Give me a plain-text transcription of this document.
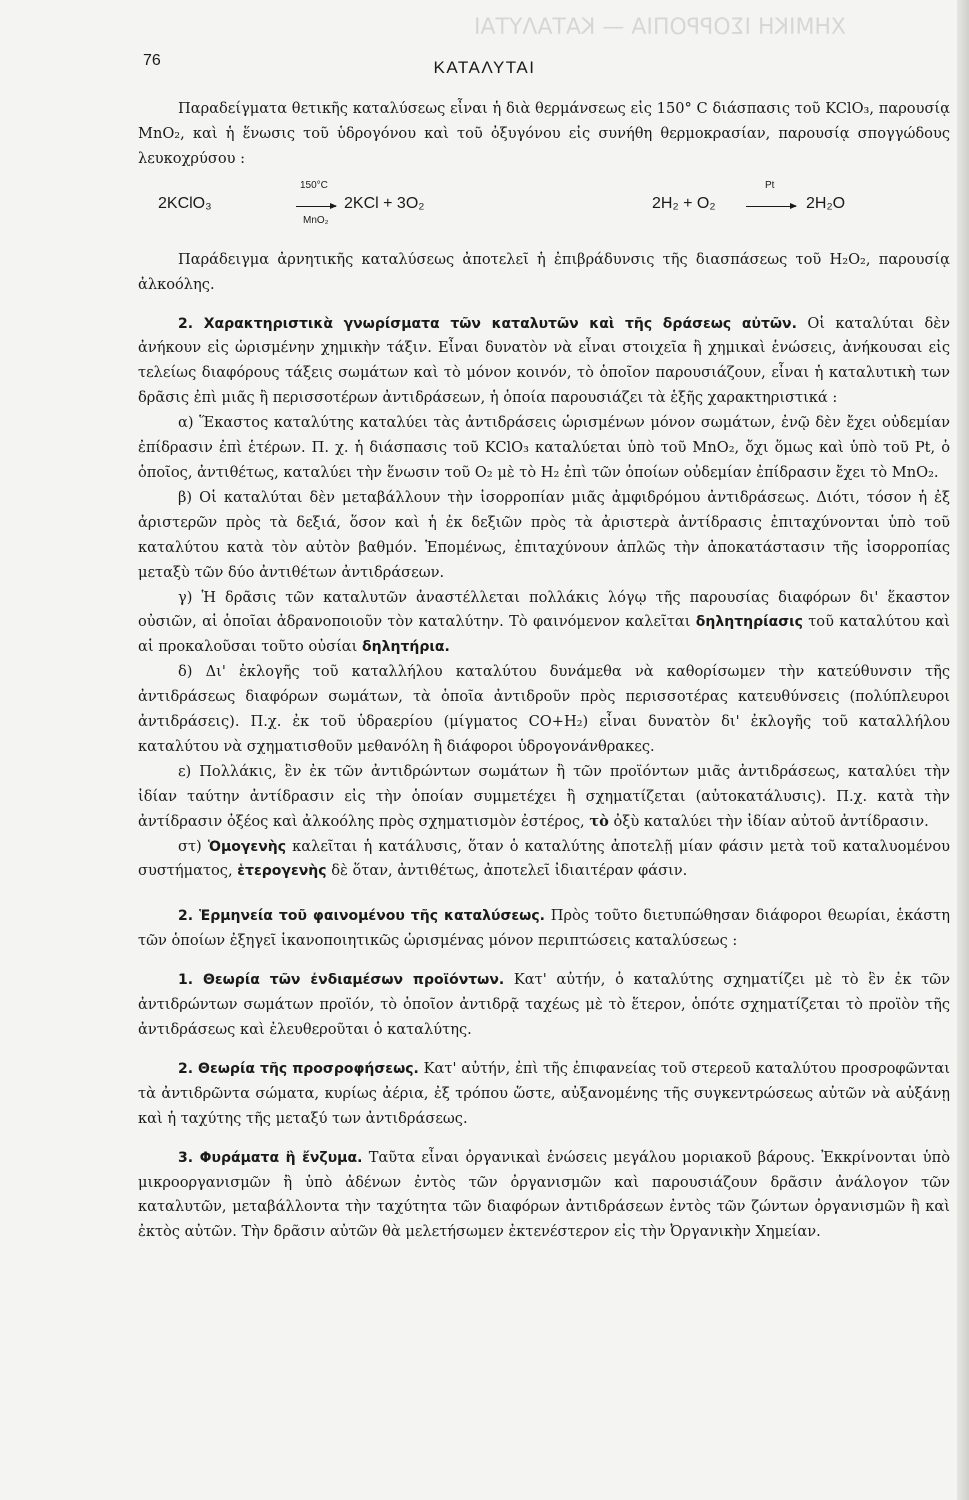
ΧΗΜΙΚΗ ΙΣΟΡΡΟΠΙΑ — ΚΑΤΑΛΥΤΑΙ
76	ΚΑΤΑΛΥΤΑΙ

Παραδείγματα θετικῆς καταλύσεως εἶναι ἡ διὰ θερμάνσεως εἰς 150° C διάσπασις τοῦ KClO₃, παρουσίᾳ MnO₂, καὶ ἡ ἕνωσις τοῦ ὑδρογόνου καὶ τοῦ ὀξυγόνου εἰς συνήθη θερμοκρασίαν, παρουσίᾳ σπογγώδους λευκοχρύσου :

2KClO₃
150°C
MnO₂
2KCl + 3O₂	2H₂ + O₂
Pt
2H₂O

Παράδειγμα ἀρνητικῆς καταλύσεως ἀποτελεῖ ἡ ἐπιβράδυνσις τῆς διασπάσεως τοῦ H₂O₂, παρουσίᾳ ἀλκοόλης.

2. Χαρακτηριστικὰ γνωρίσματα τῶν καταλυτῶν καὶ τῆς δράσεως αὐτῶν. Οἱ καταλύται δὲν ἀνήκουν εἰς ὡρισμένην χημικὴν τάξιν. Εἶναι δυνατὸν νὰ εἶναι στοιχεῖα ἢ χημικαὶ ἑνώσεις, ἀνήκουσαι εἰς τελείως διαφόρους τάξεις σωμάτων καὶ τὸ μόνον κοινόν, τὸ ὁποῖον παρουσιάζουν, εἶναι ἡ καταλυτικὴ των δρᾶσις ἐπὶ μιᾶς ἢ περισσοτέρων ἀντιδράσεων, ἡ ὁποία παρουσιάζει τὰ ἑξῆς χαρακτηριστικά :

α) Ἕκαστος καταλύτης καταλύει τὰς ἀντιδράσεις ὡρισμένων μόνον σωμάτων, ἐνῷ δὲν ἔχει οὐδεμίαν ἐπίδρασιν ἐπὶ ἑτέρων. Π. χ. ἡ διάσπασις τοῦ KClO₃ καταλύεται ὑπὸ τοῦ MnO₂, ὄχι ὅμως καὶ ὑπὸ τοῦ Pt, ὁ ὁποῖος, ἀντιθέτως, καταλύει τὴν ἕνωσιν τοῦ O₂ μὲ τὸ H₂ ἐπὶ τῶν ὁποίων οὐδεμίαν ἐπίδρασιν ἔχει τὸ MnO₂.

β) Οἱ καταλύται δὲν μεταβάλλουν τὴν ἰσορροπίαν μιᾶς ἀμφιδρόμου ἀντιδράσεως. Διότι, τόσον ἡ ἐξ ἀριστερῶν πρὸς τὰ δεξιά, ὅσον καὶ ἡ ἐκ δεξιῶν πρὸς τὰ ἀριστερὰ ἀντίδρασις ἐπιταχύνονται ὑπὸ τοῦ καταλύτου κατὰ τὸν αὐτὸν βαθμόν. Ἑπομένως, ἐπιταχύνουν ἁπλῶς τὴν ἀποκατάστασιν τῆς ἰσορροπίας μεταξὺ τῶν δύο ἀντιθέτων ἀντιδράσεων.

γ) Ἡ δρᾶσις τῶν καταλυτῶν ἀναστέλλεται πολλάκις λόγῳ τῆς παρουσίας διαφόρων δι' ἕκαστον οὐσιῶν, αἱ ὁποῖαι ἀδρανοποιοῦν τὸν καταλύτην. Τὸ φαινόμενον καλεῖται δηλητηρίασις τοῦ καταλύτου καὶ αἱ προκαλοῦσαι τοῦτο οὐσίαι δηλητήρια.

δ) Δι' ἐκλογῆς τοῦ καταλλήλου καταλύτου δυνάμεθα νὰ καθορίσωμεν τὴν κατεύθυνσιν τῆς ἀντιδράσεως διαφόρων σωμάτων, τὰ ὁποῖα ἀντιδροῦν πρὸς περισσοτέρας κατευθύνσεις (πολύπλευροι ἀντιδράσεις). Π.χ. ἐκ τοῦ ὑδραερίου (μίγματος CO+H₂) εἶναι δυνατὸν δι' ἐκλογῆς τοῦ καταλλήλου καταλύτου νὰ σχηματισθοῦν μεθανόλη ἢ διάφοροι ὑδρογονάνθρακες.

ε) Πολλάκις, ἓν ἐκ τῶν ἀντιδρώντων σωμάτων ἢ τῶν προϊόντων μιᾶς ἀντιδράσεως, καταλύει τὴν ἰδίαν ταύτην ἀντίδρασιν εἰς τὴν ὁποίαν συμμετέχει ἢ σχηματίζεται (αὐτοκατάλυσις). Π.χ. κατὰ τὴν ἀντίδρασιν ὀξέος καὶ ἀλκοόλης πρὸς σχηματισμὸν ἐστέρος, τὸ ὀξὺ καταλύει τὴν ἰδίαν αὐτοῦ ἀντίδρασιν.

στ) Ὁμογενὴς καλεῖται ἡ κατάλυσις, ὅταν ὁ καταλύτης ἀποτελῇ μίαν φάσιν μετὰ τοῦ καταλυομένου συστήματος, ἑτερογενὴς δὲ ὅταν, ἀντιθέτως, ἀποτελεῖ ἰδιαιτέραν φάσιν.

2. Ἑρμηνεία τοῦ φαινομένου τῆς καταλύσεως. Πρὸς τοῦτο διετυπώθησαν διάφοροι θεωρίαι, ἑκάστη τῶν ὁποίων ἐξηγεῖ ἱκανοποιητικῶς ὡρισμένας μόνον περιπτώσεις καταλύσεως :

1. Θεωρία τῶν ἐνδιαμέσων προϊόντων. Κατ' αὐτήν, ὁ καταλύτης σχηματίζει μὲ τὸ ἓν ἐκ τῶν ἀντιδρώντων σωμάτων προϊόν, τὸ ὁποῖον ἀντιδρᾷ ταχέως μὲ τὸ ἕτερον, ὁπότε σχηματίζεται τὸ προϊὸν τῆς ἀντιδράσεως καὶ ἐλευθεροῦται ὁ καταλύτης.

2. Θεωρία τῆς προσροφήσεως. Κατ' αὐτήν, ἐπὶ τῆς ἐπιφανείας τοῦ στερεοῦ καταλύτου προσροφῶνται τὰ ἀντιδρῶντα σώματα, κυρίως ἀέρια, ἐξ τρόπου ὥστε, αὐξανομένης τῆς συγκεντρώσεως αὐτῶν νὰ αὐξάνῃ καὶ ἡ ταχύτης τῆς μεταξύ των ἀντιδράσεως.

3. Φυράματα ἢ ἔνζυμα. Ταῦτα εἶναι ὀργανικαὶ ἑνώσεις μεγάλου μοριακοῦ βάρους. Ἐκκρίνονται ὑπὸ μικροοργανισμῶν ἢ ὑπὸ ἀδένων ἐντὸς τῶν ὀργανισμῶν καὶ παρουσιάζουν δρᾶσιν ἀνάλογον τῶν καταλυτῶν, μεταβάλλοντα τὴν ταχύτητα τῶν διαφόρων ἀντιδράσεων ἐντὸς τῶν ζώντων ὀργανισμῶν ἢ καὶ ἐκτὸς αὐτῶν. Τὴν δρᾶσιν αὐτῶν θὰ μελετήσωμεν ἐκτενέστερον εἰς τὴν Ὀργανικὴν Χημείαν.
